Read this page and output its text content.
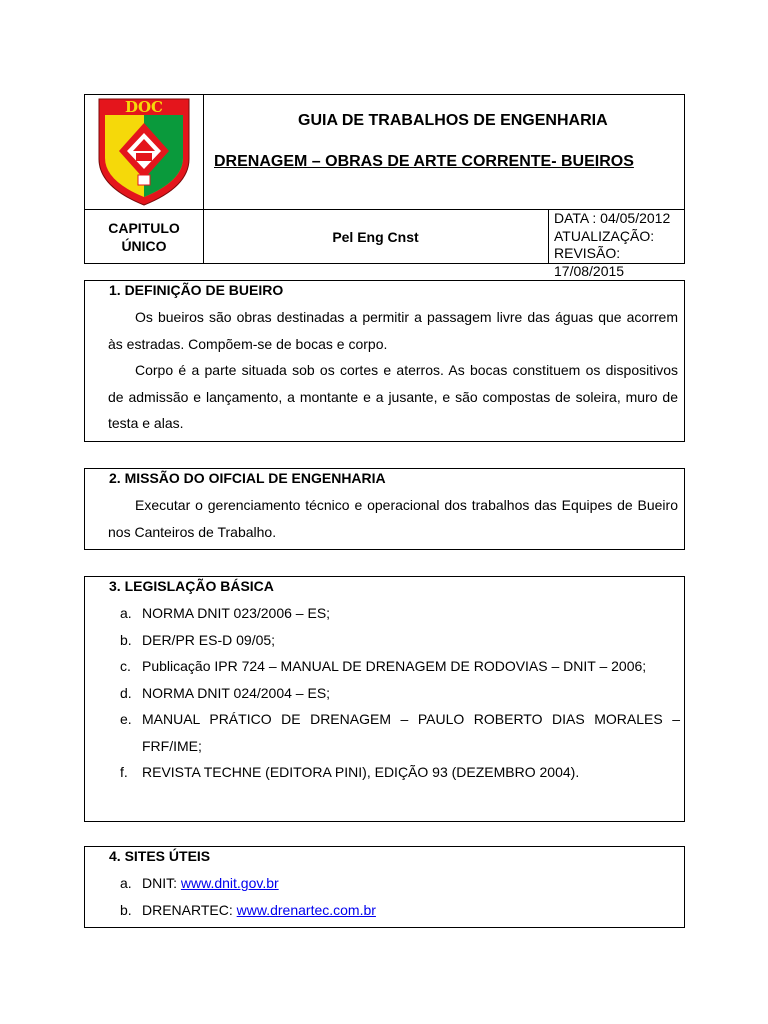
DOC
GUIA DE TRABALHOS DE ENGENHARIA
DRENAGEM – OBRAS DE ARTE CORRENTE- BUEIROS
CAPITULO
ÚNICO
Pel Eng Cnst
DATA : 04/05/2012
ATUALIZAÇÃO:
REVISÃO: 17/08/2015
1. DEFINIÇÃO DE BUEIRO
Os bueiros são obras destinadas a permitir a passagem livre das águas que acorrem às estradas. Compõem-se de bocas e corpo.
Corpo é a parte situada sob os cortes e aterros. As bocas constituem os dispositivos de admissão e lançamento, a montante e a jusante, e são compostas de soleira, muro de testa e alas.
2. MISSÃO DO OIFCIAL DE ENGENHARIA
Executar o gerenciamento técnico e operacional dos trabalhos das Equipes de Bueiro nos Canteiros de Trabalho.
3. LEGISLAÇÃO BÁSICA
a. NORMA DNIT 023/2006 – ES;
b. DER/PR ES-D 09/05;
c. Publicação IPR 724 – MANUAL DE DRENAGEM DE RODOVIAS – DNIT – 2006;
d. NORMA DNIT 024/2004 – ES;
e. MANUAL PRÁTICO DE DRENAGEM – PAULO ROBERTO DIAS MORALES – FRF/IME;
f. REVISTA TECHNE (EDITORA PINI), EDIÇÃO 93 (DEZEMBRO 2004).
4. SITES ÚTEIS
a. DNIT: www.dnit.gov.br
b. DRENARTEC: www.drenartec.com.br
